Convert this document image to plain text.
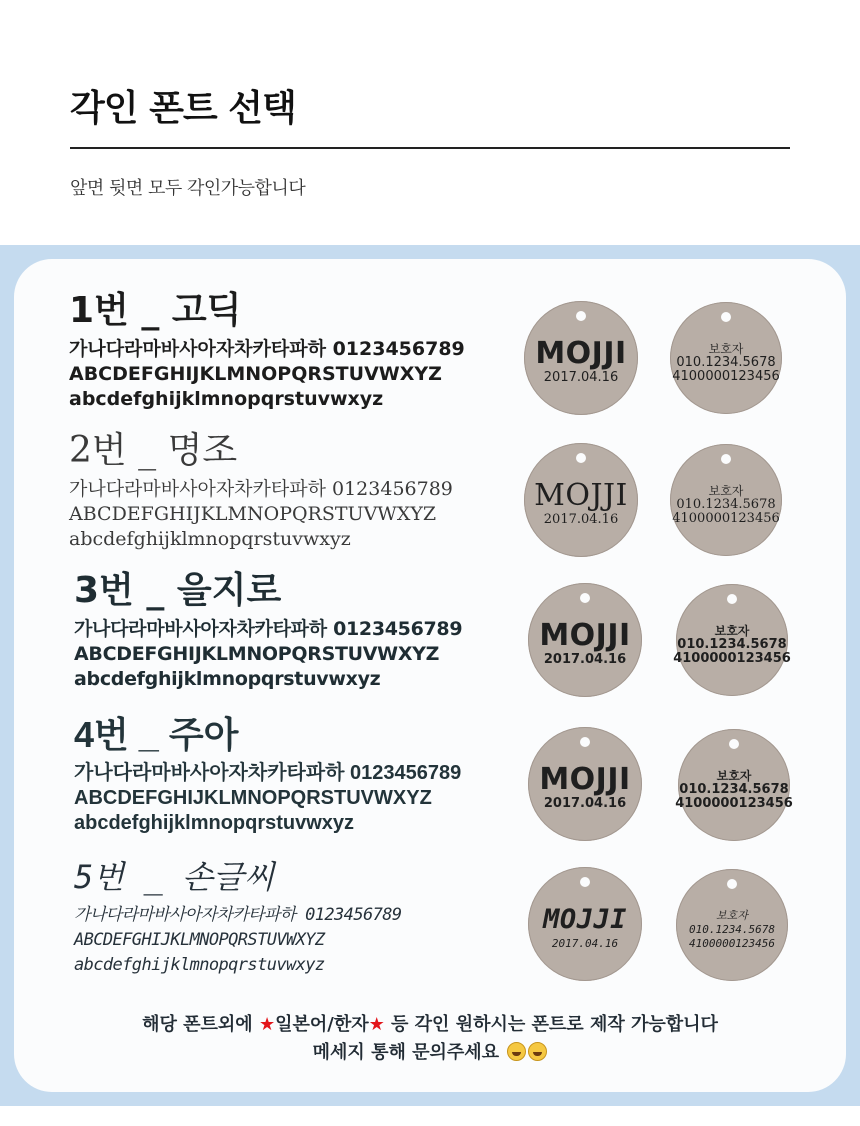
각인 폰트 선택

앞면 뒷면 모두 각인가능합니다

1번 _ 고딕
가나다라마바사아자차카타파하 0123456789
ABCDEFGHIJKLMNOPQRSTUVWXYZ
abcdefghijklmnopqrstuvwxyz
MOJJI
2017.04.16
보호자
010.1234.5678
4100000123456
2번 _ 명조
가나다라마바사아자차카타파하 0123456789
ABCDEFGHIJKLMNOPQRSTUVWXYZ
abcdefghijklmnopqrstuvwxyz
MOJJI
2017.04.16
보호자
010.1234.5678
4100000123456
3번 _ 을지로
가나다라마바사아자차카타파하 0123456789
ABCDEFGHIJKLMNOPQRSTUVWXYZ
abcdefghijklmnopqrstuvwxyz
MOJJI
2017.04.16
보호자
010.1234.5678
4100000123456
4번 _ 주아
가나다라마바사아자차카타파하 0123456789
ABCDEFGHIJKLMNOPQRSTUVWXYZ
abcdefghijklmnopqrstuvwxyz
MOJJI
2017.04.16
보호자
010.1234.5678
4100000123456
5번 _ 손글씨
가나다라마바사아자차카타파하 0123456789
ABCDEFGHIJKLMNOPQRSTUVWXYZ
abcdefghijklmnopqrstuvwxyz
MOJJI
2017.04.16
보호자
010.1234.5678
4100000123456
해당 폰트외에 ★일본어/한자★ 등 각인 원하시는 폰트로 제작 가능합니다
메세지 통해 문의주세요
